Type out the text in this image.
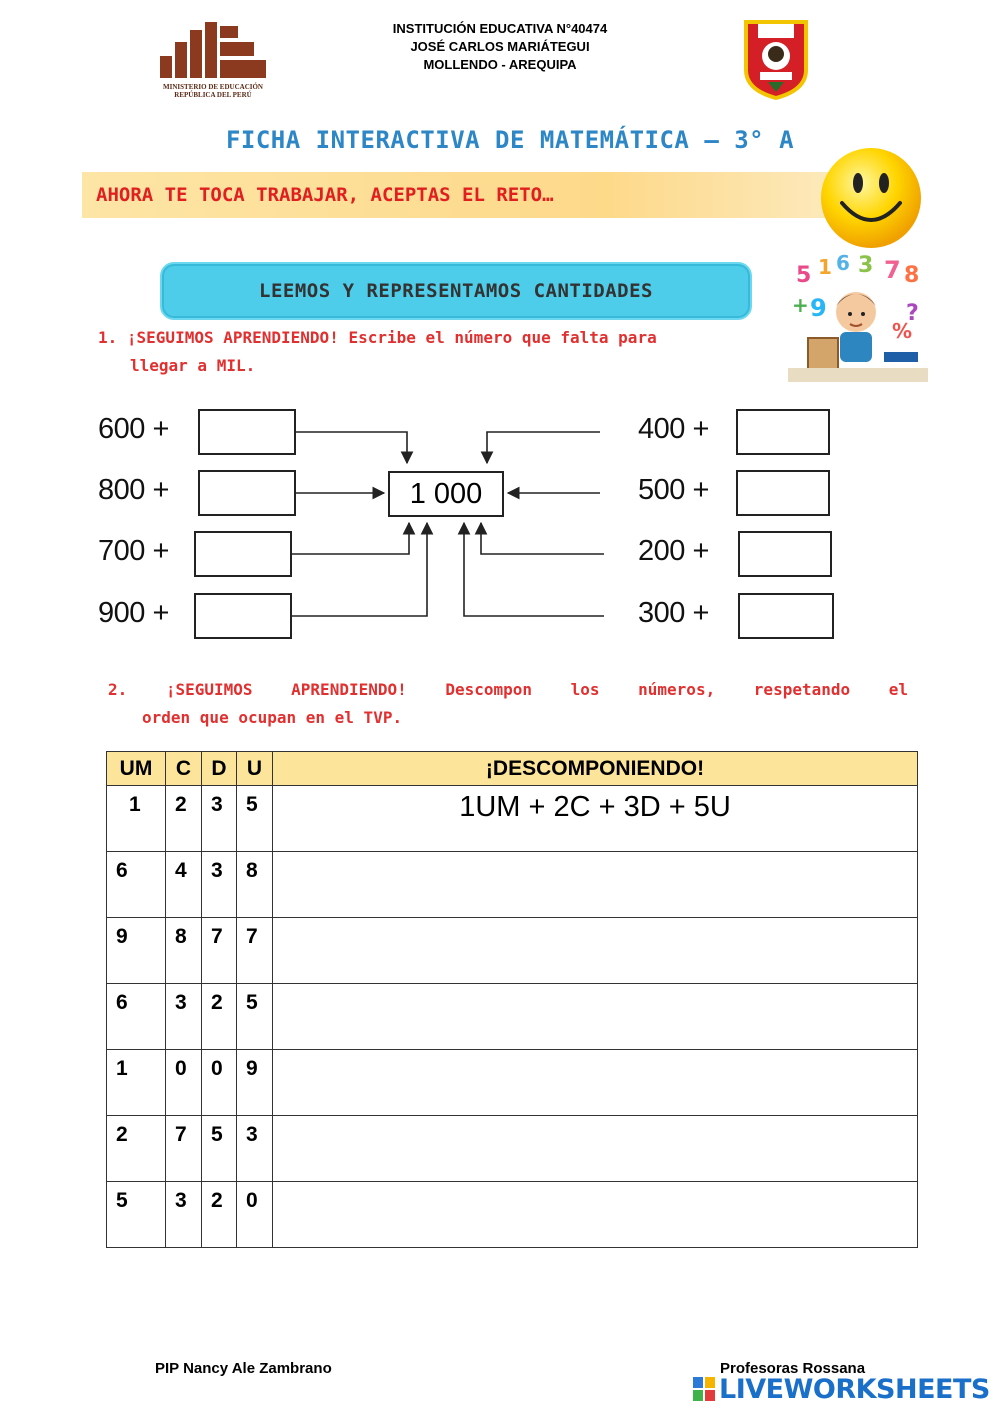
MINISTERIO DE EDUCACIÓN
REPÚBLICA DEL PERÚ
INSTITUCIÓN EDUCATIVA N°40474
JOSÉ CARLOS MARIÁTEGUI
MOLLENDO - AREQUIPA
FICHA INTERACTIVA DE MATEMÁTICA – 3° A
AHORA TE TOCA TRABAJAR, ACEPTAS EL RETO…
LEEMOS Y REPRESENTAMOS CANTIDADES
5 1 6 3 7 8
+ 9	?
%
1. ¡SEGUIMOS APRENDIENDO! Escribe el número que falta para
llegar a MIL.
600 +
800 +
700 +
900 +
1 000
400 +
500 +
200 +
300 +
2. ¡SEGUIMOS APRENDIENDO! Descompon los números, respetando el
orden que ocupan en el TVP.
UM	C	D	U	¡DESCOMPONIENDO!
1	2	3	5	1UM + 2C + 3D + 5U
6	4	3	8	
9	8	7	7	
6	3	2	5	
1	0	0	9	
2	7	5	3	
5	3	2	0	
PIP Nancy Ale Zambrano	Profesoras Rossana
LIVEWORKSHEETS
